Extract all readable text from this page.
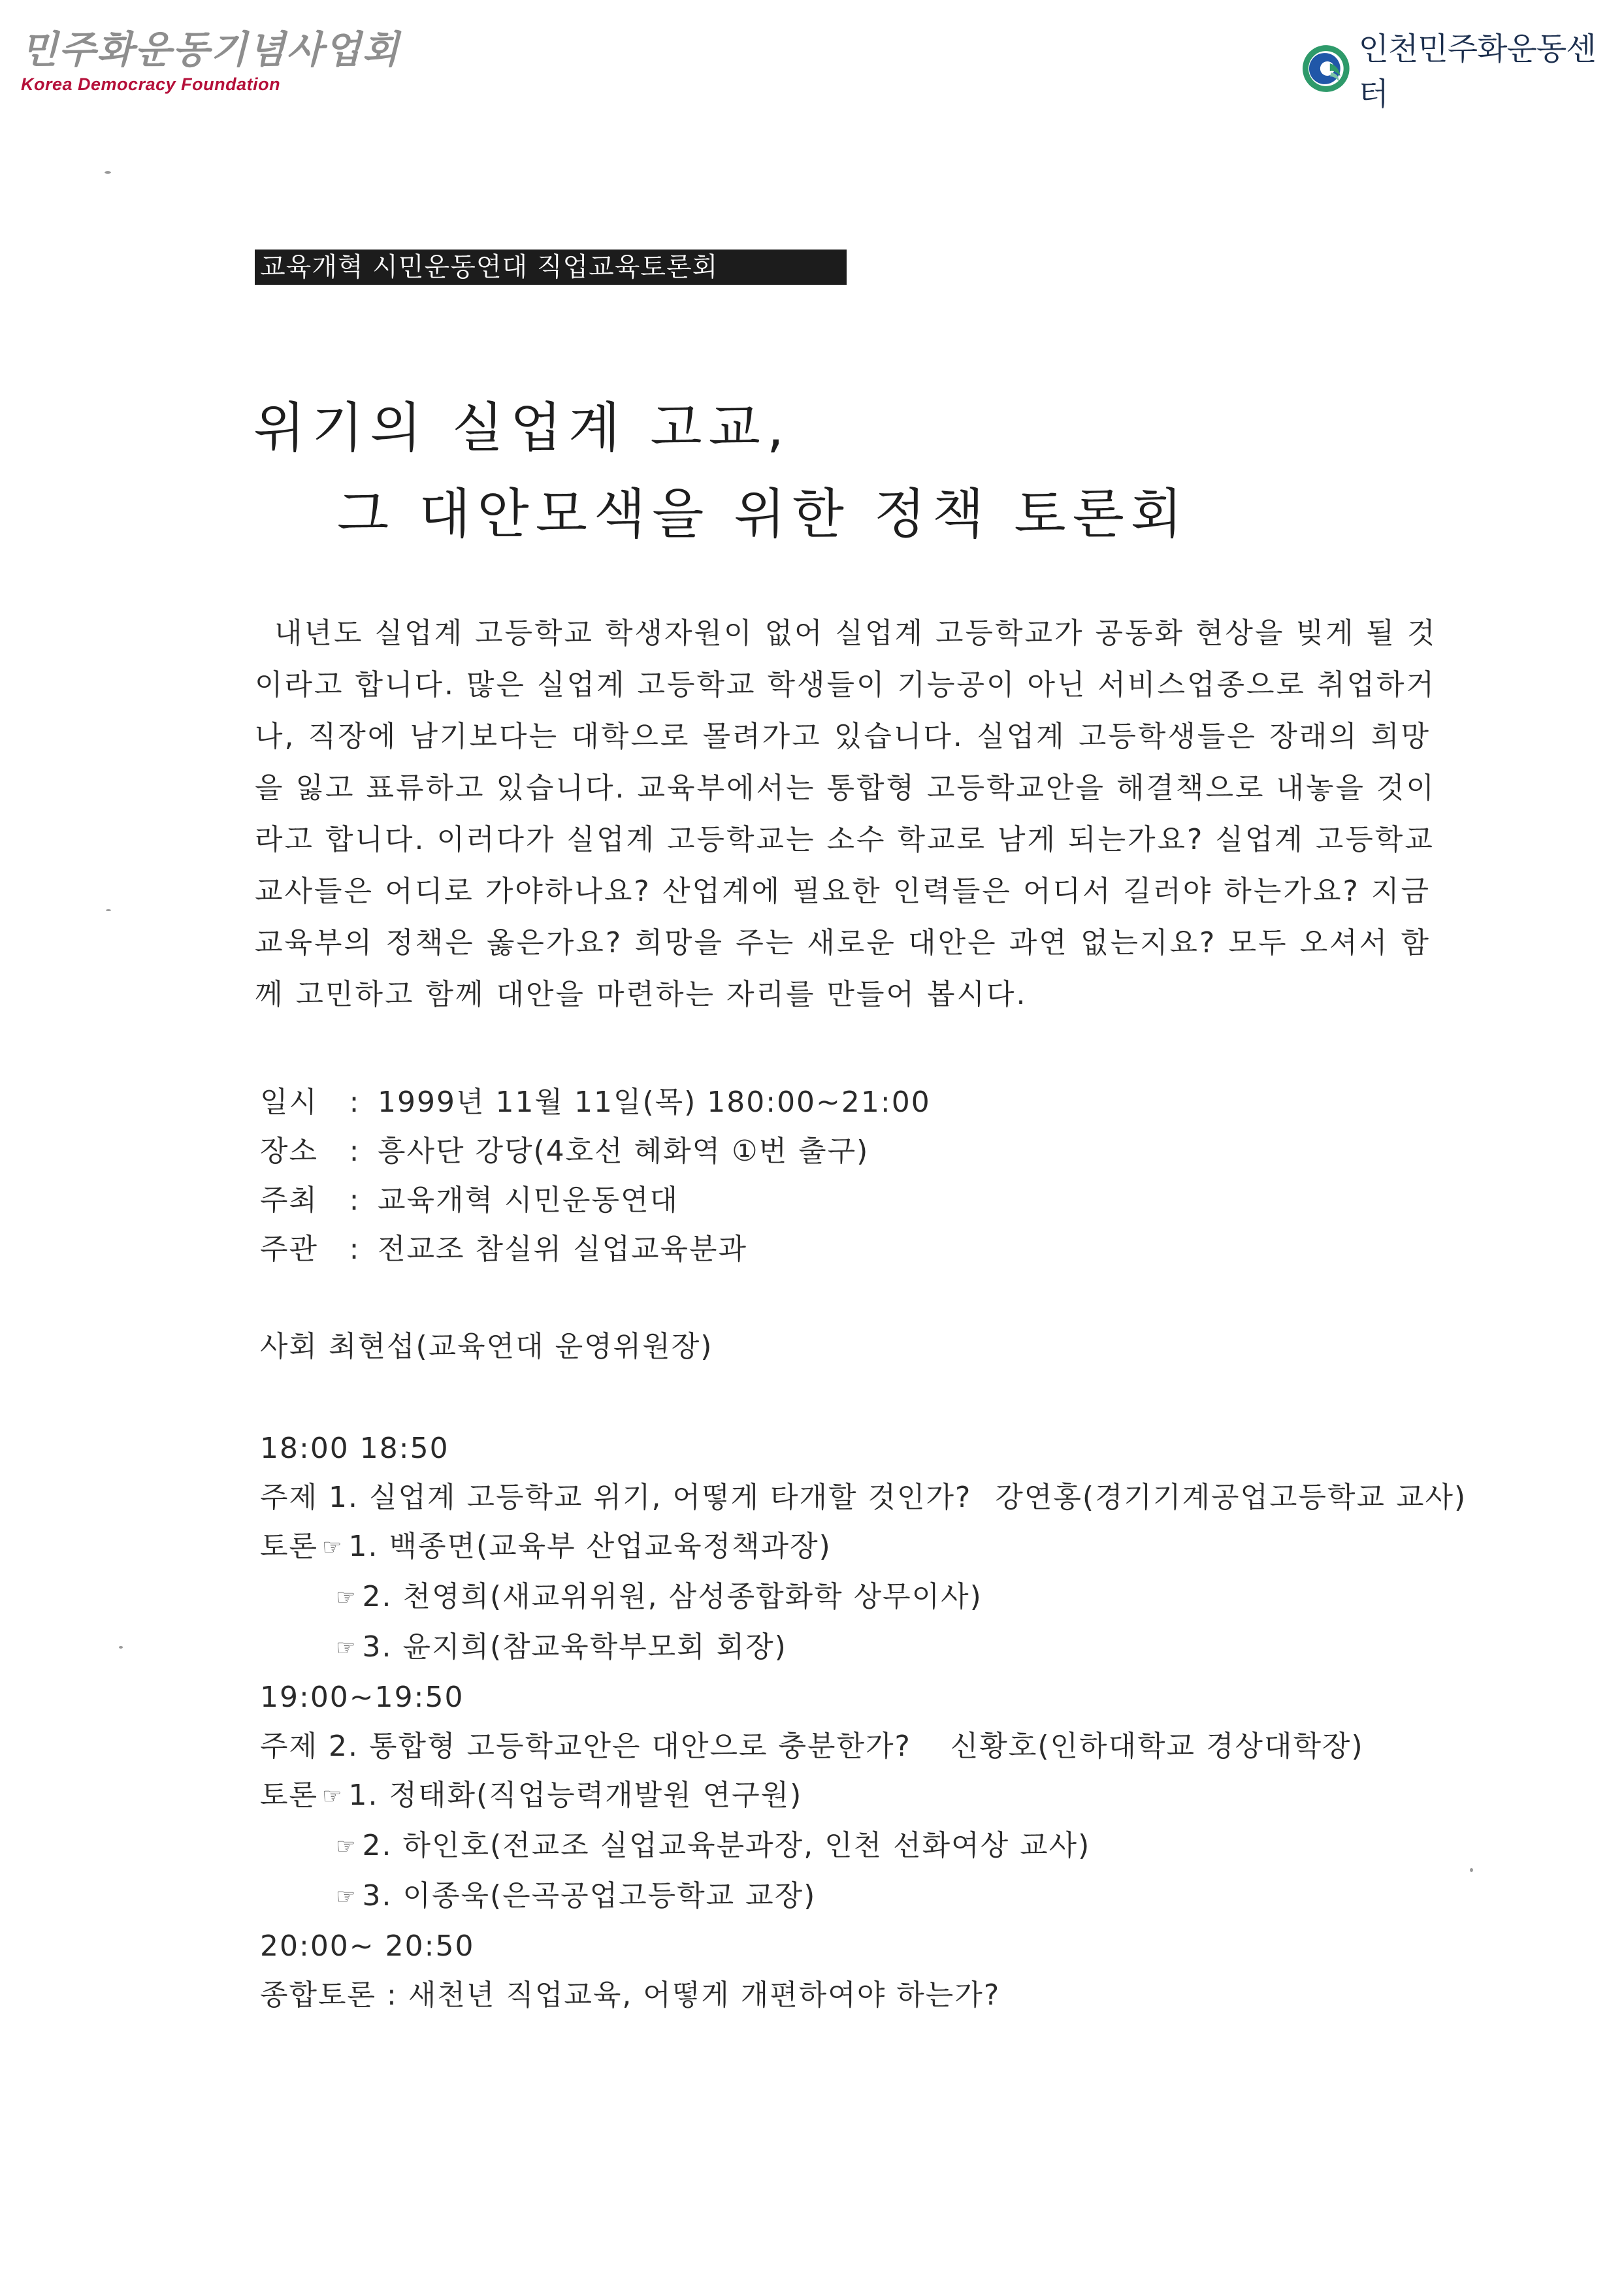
민주화운동기념사업회
Korea Democracy Foundation
인천민주화운동센터
교육개혁 시민운동연대 직업교육토론회
위기의 실업계 고교,
그 대안모색을 위한 정책 토론회
내년도 실업계 고등학교 학생자원이 없어 실업계 고등학교가 공동화 현상을 빚게 될 것
이라고 합니다. 많은 실업계 고등학교 학생들이 기능공이 아닌 서비스업종으로 취업하거
나, 직장에 남기보다는 대학으로 몰려가고 있습니다. 실업계 고등학생들은 장래의 희망
을 잃고 표류하고 있습니다. 교육부에서는 통합형 고등학교안을 해결책으로 내놓을 것이
라고 합니다. 이러다가 실업계 고등학교는 소수 학교로 남게 되는가요? 실업계 고등학교
교사들은 어디로 가야하나요? 산업계에 필요한 인력들은 어디서 길러야 하는가요? 지금
교육부의 정책은 옳은가요? 희망을 주는 새로운 대안은 과연 없는지요? 모두 오셔서 함
께 고민하고 함께 대안을 마련하는 자리를 만들어 봅시다.
일시 : 1999년 11월 11일(목) 180:00~21:00
장소 : 흥사단 강당(4호선 혜화역 ①번 출구)
주최 : 교육개혁 시민운동연대
주관 : 전교조 참실위 실업교육분과
사회 최현섭(교육연대 운영위원장)
18:00 18:50
주제 1. 실업계 고등학교 위기, 어떻게 타개할 것인가? 강연홍(경기기계공업고등학교 교사)
토론 ☞ 1. 백종면(교육부 산업교육정책과장)
☞ 2. 천영희(새교위위원, 삼성종합화학 상무이사)
☞ 3. 윤지희(참교육학부모회 회장)
19:00~19:50
주제 2. 통합형 고등학교안은 대안으로 충분한가? 신황호(인하대학교 경상대학장)
토론 ☞ 1. 정태화(직업능력개발원 연구원)
☞ 2. 하인호(전교조 실업교육분과장, 인천 선화여상 교사)
☞ 3. 이종욱(은곡공업고등학교 교장)
20:00~ 20:50
종합토론 : 새천년 직업교육, 어떻게 개편하여야 하는가?
